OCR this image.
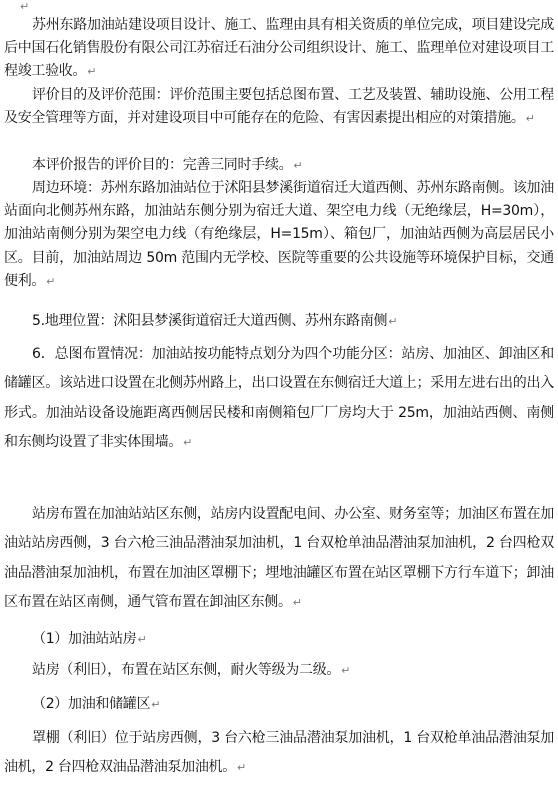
↵

苏州东路加油站建设项目设计、施工、监理由具有相关资质的单位完成，项目建设完成后中国石化销售股份有限公司江苏宿迁石油分公司组织设计、施工、监理单位对建设项目工程竣工验收。↵

评价目的及评价范围：评价范围主要包括总图布置、工艺及装置、辅助设施、公用工程及安全管理等方面，并对建设项目中可能存在的危险、有害因素提出相应的对策措施。↵

本评价报告的评价目的：完善三同时手续。↵

周边环境：苏州东路加油站位于沭阳县梦溪街道宿迁大道西侧、苏州东路南侧。该加油站面向北侧苏州东路，加油站东侧分别为宿迁大道、架空电力线（无绝缘层，H=30m），加油站南侧分别为架空电力线（有绝缘层，H=15m）、箱包厂，加油站西侧为高层居民小区。目前，加油站周边 50m 范围内无学校、医院等重要的公共设施等环境保护目标，交通便利。↵

5.地理位置：沭阳县梦溪街道宿迁大道西侧、苏州东路南侧↵

6．总图布置情况：加油站按功能特点划分为四个功能分区：站房、加油区、卸油区和储罐区。该站进口设置在北侧苏州路上，出口设置在东侧宿迁大道上；采用左进右出的出入形式。加油站设备设施距离西侧居民楼和南侧箱包厂厂房均大于 25m，加油站西侧、南侧和东侧均设置了非实体围墙。↵

站房布置在加油站站区东侧，站房内设置配电间、办公室、财务室等；加油区布置在加油站站房西侧，3 台六枪三油品潜油泵加油机，1 台双枪单油品潜油泵加油机，2 台四枪双油品潜油泵加油机，布置在加油区罩棚下；埋地油罐区布置在站区罩棚下方行车道下；卸油区布置在站区南侧，通气管布置在卸油区东侧。↵

（1）加油站站房↵

站房（利旧），布置在站区东侧，耐火等级为二级。↵

（2）加油和储罐区↵

罩棚（利旧）位于站房西侧，3 台六枪三油品潜油泵加油机，1 台双枪单油品潜油泵加油机，2 台四枪双油品潜油泵加油机。↵
